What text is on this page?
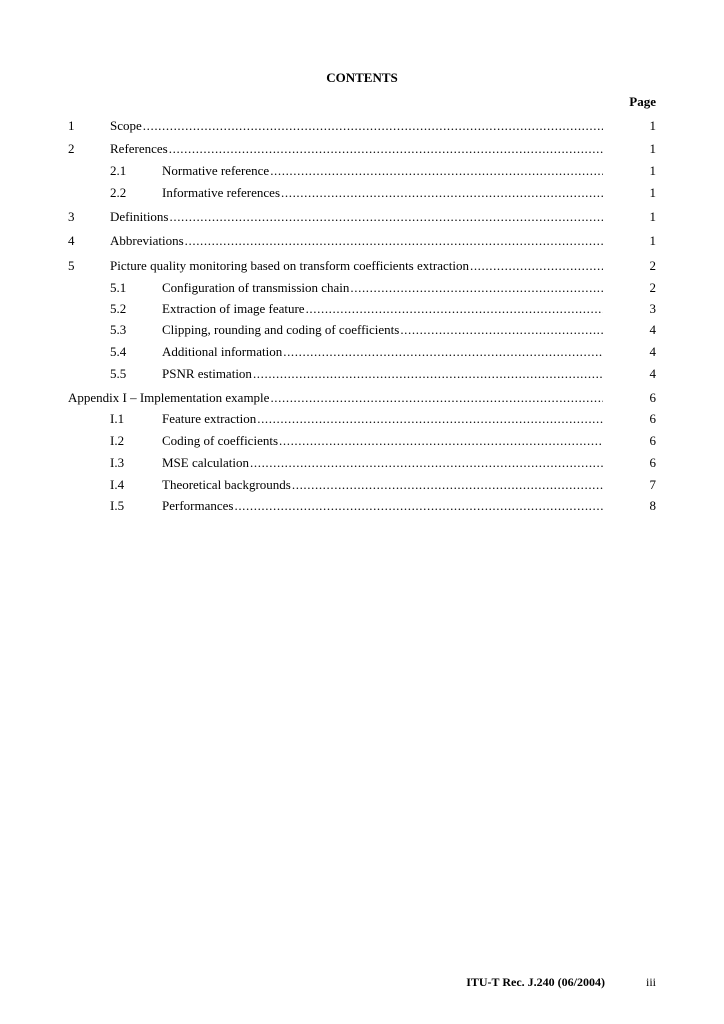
CONTENTS
Page
1	Scope .....	1
2	References .....	1
2.1	Normative reference .....	1
2.2	Informative references .....	1
3	Definitions .....	1
4	Abbreviations .....	1
5	Picture quality monitoring based on transform coefficients extraction .....	2
5.1	Configuration of transmission chain .....	2
5.2	Extraction of image feature .....	3
5.3	Clipping, rounding and coding of coefficients .....	4
5.4	Additional information .....	4
5.5	PSNR estimation .....	4
Appendix I – Implementation example .....	6
I.1	Feature extraction .....	6
I.2	Coding of coefficients .....	6
I.3	MSE calculation .....	6
I.4	Theoretical backgrounds .....	7
I.5	Performances .....	8
ITU-T Rec. J.240 (06/2004)	iii
